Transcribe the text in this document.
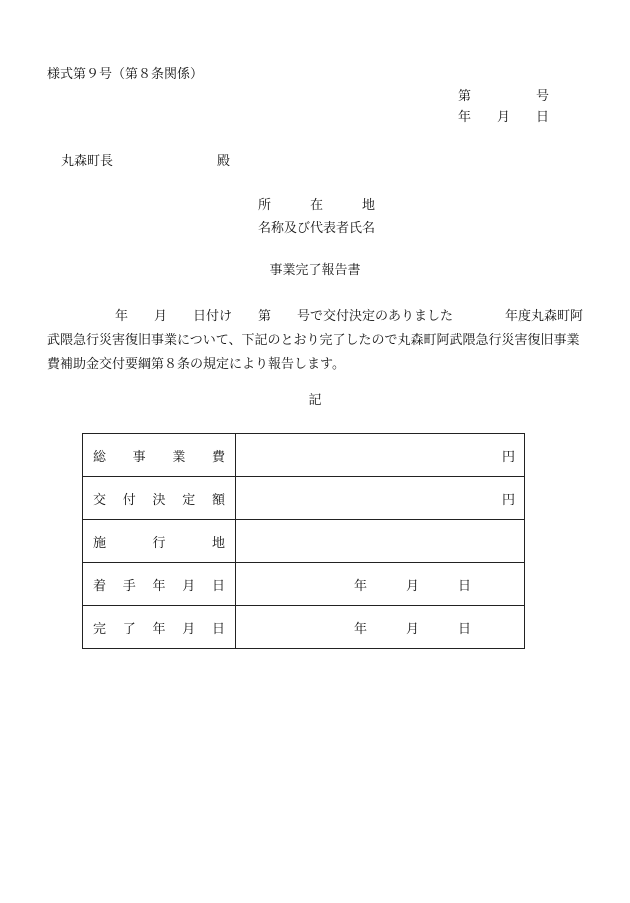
様式第９号（第８条関係）
第　　　　　号
年　　月　　日
丸森町長　　　　　　　　殿
所　　　在　　　地
名称及び代表者氏名
事業完了報告書
年　　月　　日付け　　第　　号で交付決定のありました　　　　年度丸森町阿
武隈急行災害復旧事業について、下記のとおり完了したので丸森町阿武隈急行災害復旧事業
費補助金交付要綱第８条の規定により報告します。
記
総事業費	円

交付決定額	円

施行地	

着手年月日	年　　　月　　　日

完了年月日	年　　　月　　　日
